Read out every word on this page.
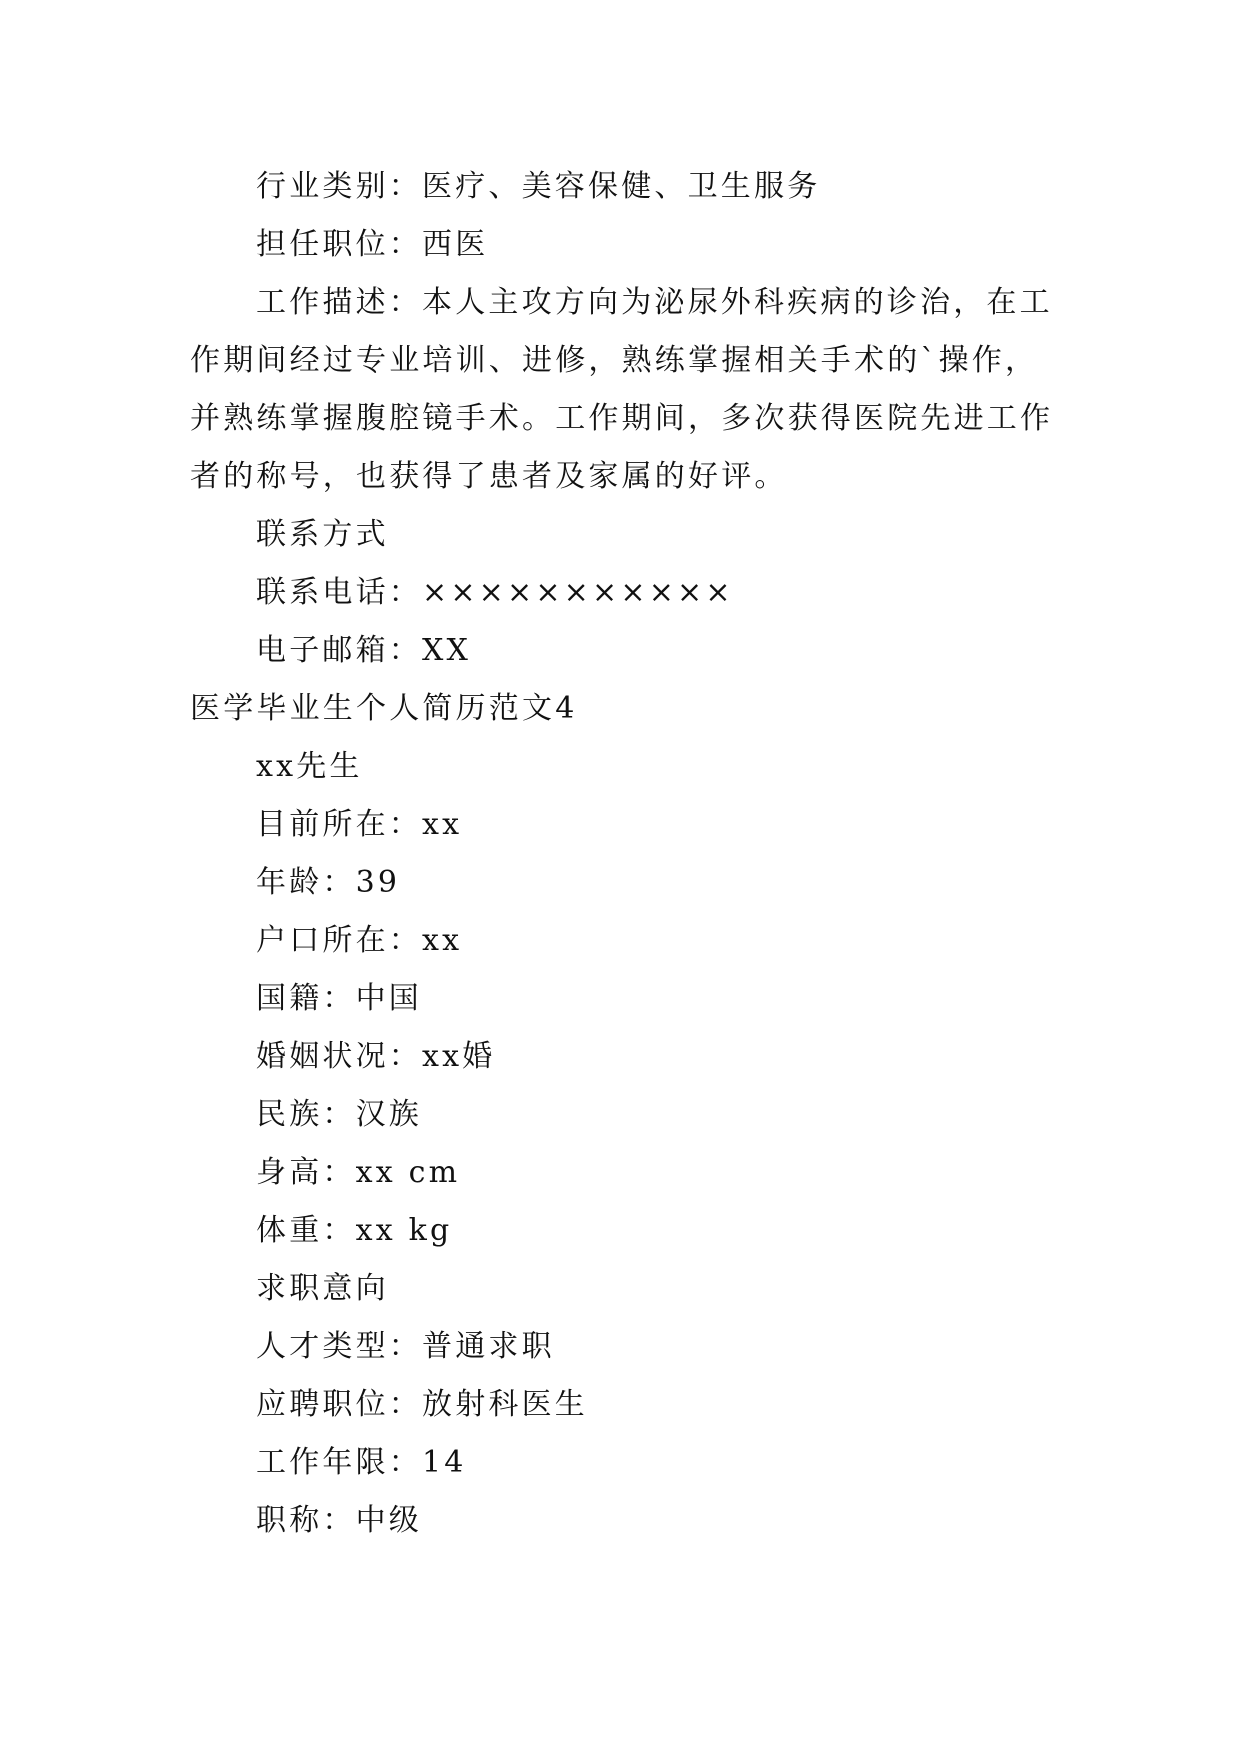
行业类别：医疗、美容保健、卫生服务
担任职位：西医
工作描述：本人主攻方向为泌尿外科疾病的诊治，在工
作期间经过专业培训、进修，熟练掌握相关手术的`操作，
并熟练掌握腹腔镜手术。工作期间，多次获得医院先进工作
者的称号，也获得了患者及家属的好评。
联系方式
联系电话：×××××××××××
电子邮箱：XX
医学毕业生个人简历范文4
xx先生
目前所在：xx
年龄：39
户口所在：xx
国籍：中国
婚姻状况：xx婚
民族：汉族
身高：xx cm
体重：xx kg
求职意向
人才类型：普通求职
应聘职位：放射科医生
工作年限：14
职称：中级
